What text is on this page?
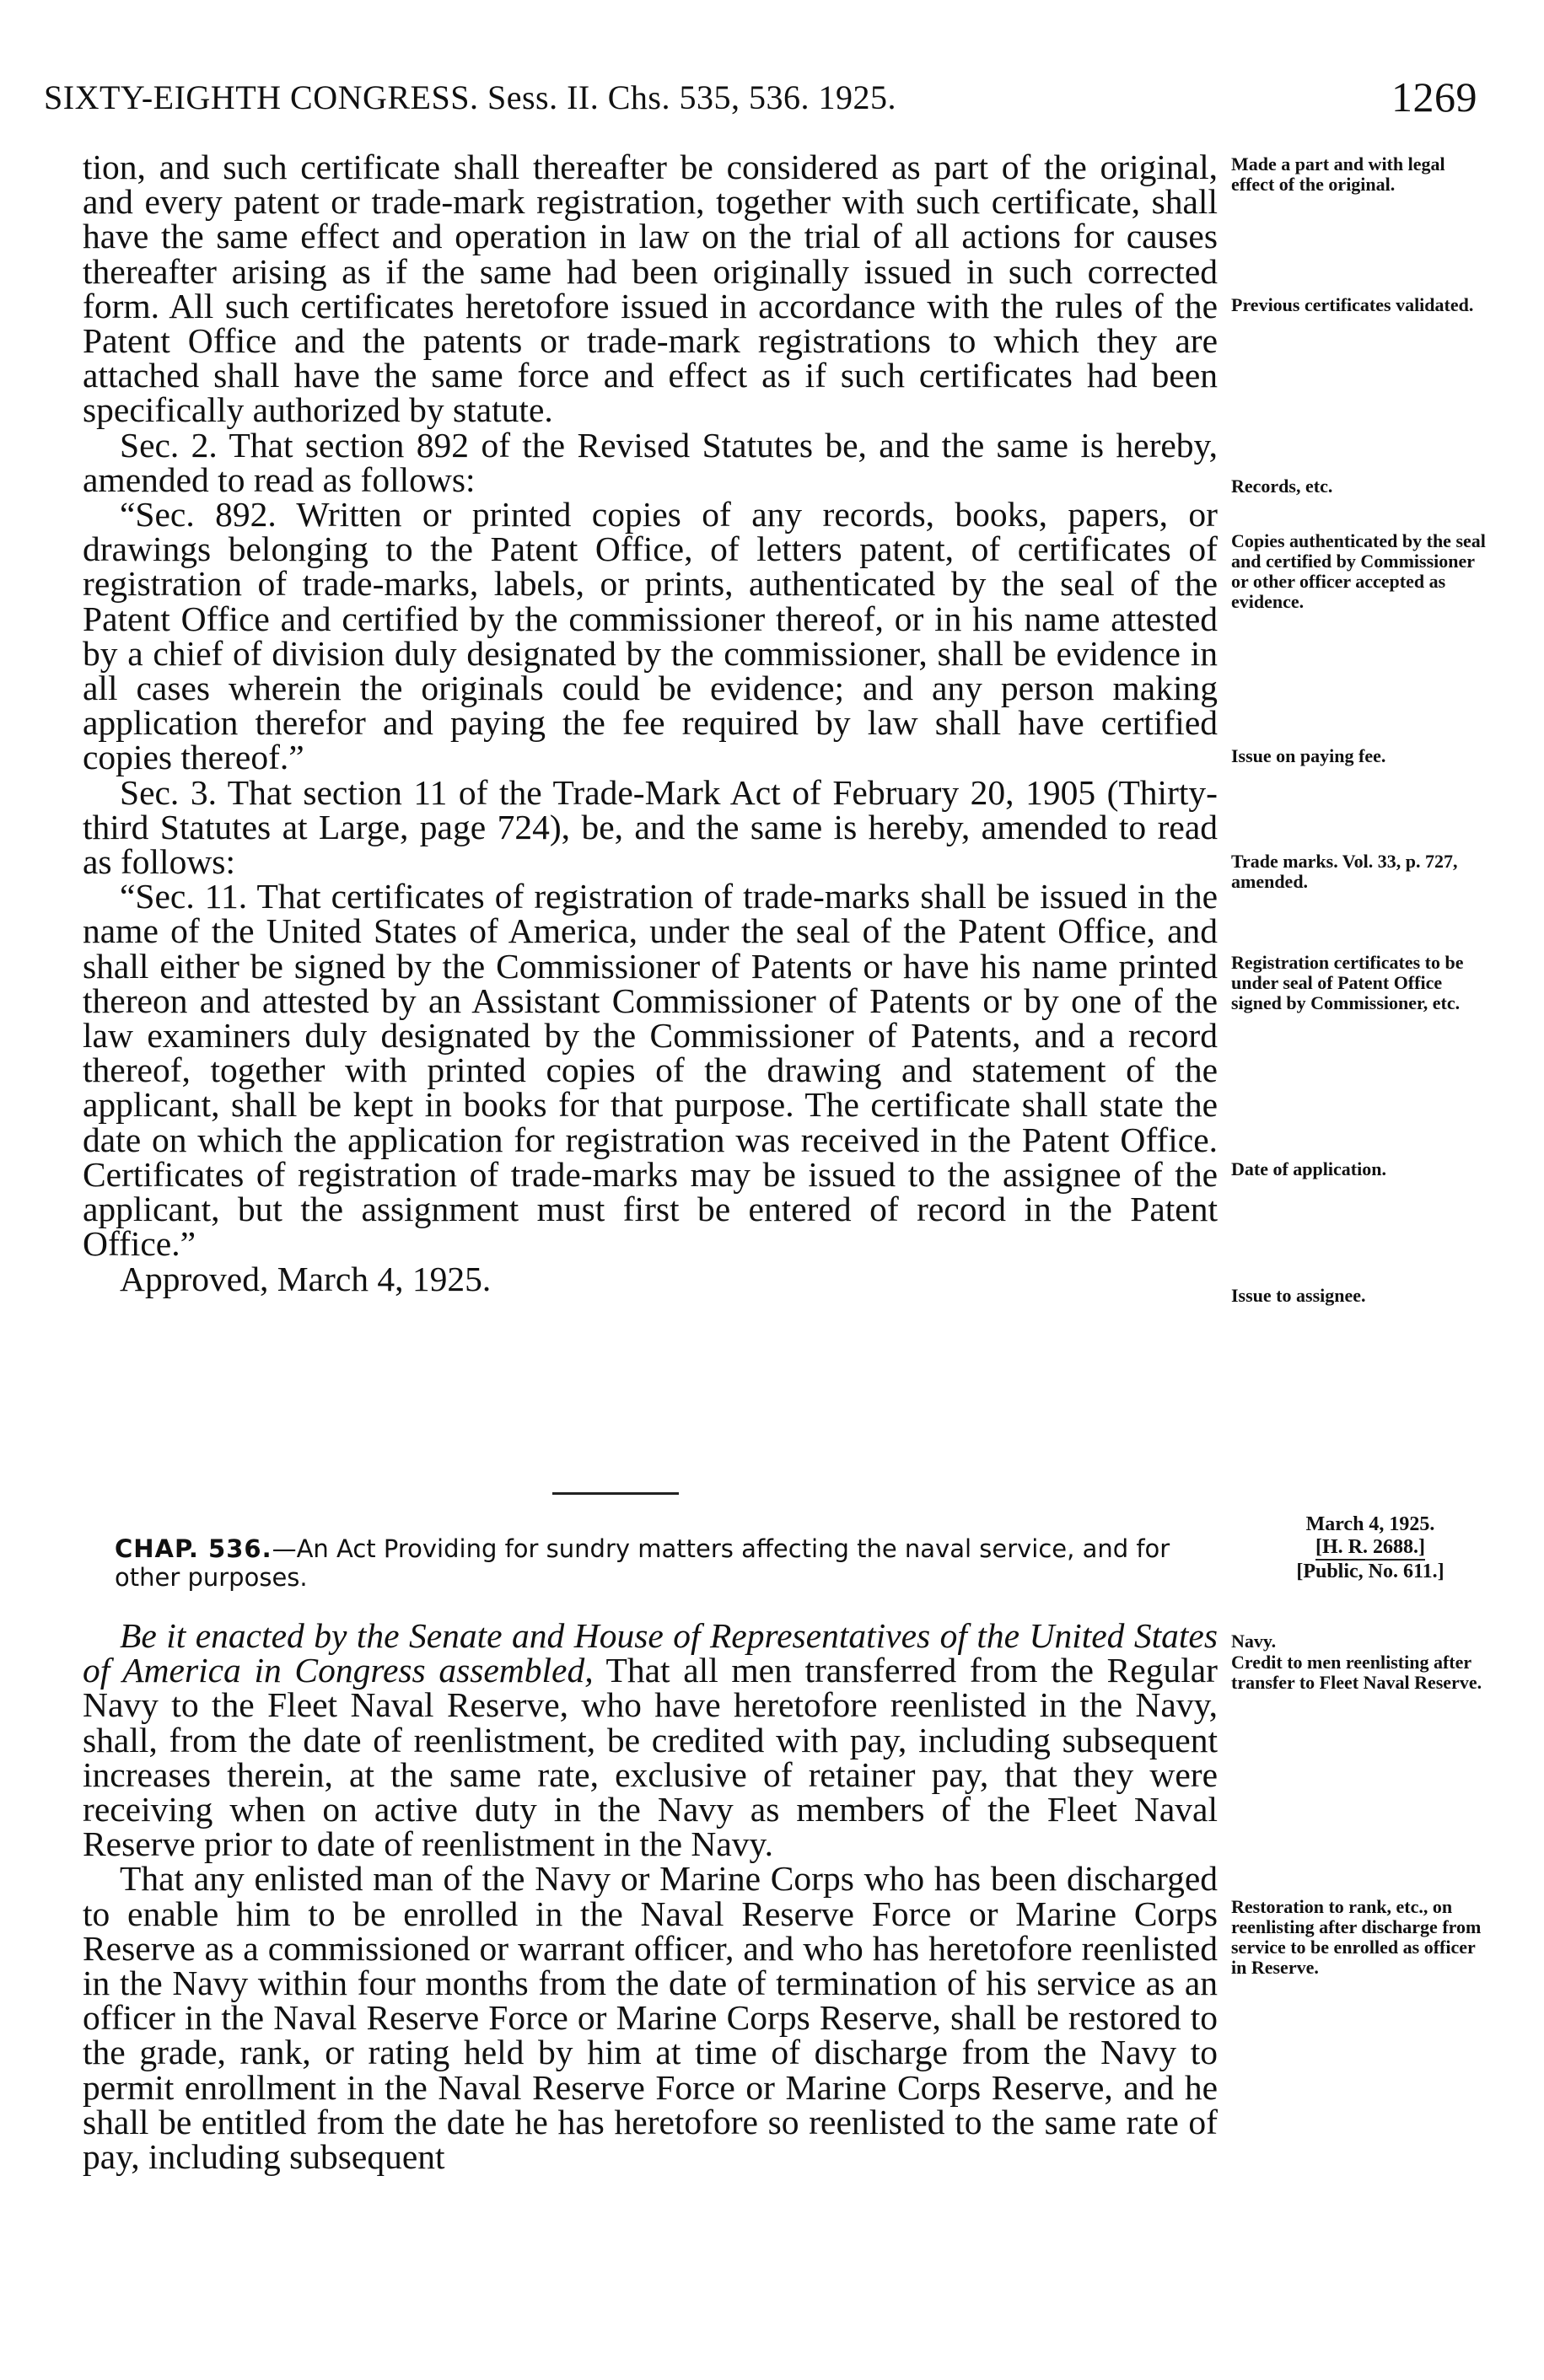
SIXTY-EIGHTH CONGRESS. Sess. II. Chs. 535, 536. 1925.	1269

tion, and such certificate shall thereafter be considered as part of the original, and every patent or trade-mark registration, together with such certificate, shall have the same effect and operation in law on the trial of all actions for causes thereafter arising as if the same had been originally issued in such corrected form. All such certificates heretofore issued in accordance with the rules of the Patent Office and the patents or trade-mark registrations to which they are attached shall have the same force and effect as if such certificates had been specifically authorized by statute.

Sec. 2. That section 892 of the Revised Statutes be, and the same is hereby, amended to read as follows:

“Sec. 892. Written or printed copies of any records, books, papers, or drawings belonging to the Patent Office, of letters patent, of certificates of registration of trade-marks, labels, or prints, authenticated by the seal of the Patent Office and certified by the commissioner thereof, or in his name attested by a chief of division duly designated by the commissioner, shall be evidence in all cases wherein the originals could be evidence; and any person making application therefor and paying the fee required by law shall have certified copies thereof.”

Sec. 3. That section 11 of the Trade-Mark Act of February 20, 1905 (Thirty-third Statutes at Large, page 724), be, and the same is hereby, amended to read as follows:

“Sec. 11. That certificates of registration of trade-marks shall be issued in the name of the United States of America, under the seal of the Patent Office, and shall either be signed by the Commissioner of Patents or have his name printed thereon and attested by an Assistant Commissioner of Patents or by one of the law examiners duly designated by the Commissioner of Patents, and a record thereof, together with printed copies of the drawing and statement of the applicant, shall be kept in books for that purpose. The certificate shall state the date on which the application for registration was received in the Patent Office. Certificates of registration of trade-marks may be issued to the assignee of the applicant, but the assignment must first be entered of record in the Patent Office.”

Approved, March 4, 1925.

Made a part and with legal effect of the original.
Previous certificates validated.
Records, etc.
Copies authenticated by the seal and certified by Commissioner or other officer accepted as evidence.
Issue on paying fee.
Trade marks. Vol. 33, p. 727, amended.
Registration certificates to be under seal of Patent Office signed by Commissioner, etc.
Date of application.
Issue to assignee.
March 4, 1925.
[H. R. 2688.]
[Public, No. 611.]
CHAP. 536.—An Act Providing for sundry matters affecting the naval service, and for other purposes.

Be it enacted by the Senate and House of Representatives of the United States of America in Congress assembled, That all men transferred from the Regular Navy to the Fleet Naval Reserve, who have heretofore reenlisted in the Navy, shall, from the date of reenlistment, be credited with pay, including subsequent increases therein, at the same rate, exclusive of retainer pay, that they were receiving when on active duty in the Navy as members of the Fleet Naval Reserve prior to date of reenlistment in the Navy.

That any enlisted man of the Navy or Marine Corps who has been discharged to enable him to be enrolled in the Naval Reserve Force or Marine Corps Reserve as a commissioned or warrant officer, and who has heretofore reenlisted in the Navy within four months from the date of termination of his service as an officer in the Naval Reserve Force or Marine Corps Reserve, shall be restored to the grade, rank, or rating held by him at time of discharge from the Navy to permit enrollment in the Naval Reserve Force or Marine Corps Reserve, and he shall be entitled from the date he has heretofore so reenlisted to the same rate of pay, including subsequent

Navy.
Credit to men reenlisting after transfer to Fleet Naval Reserve.
Restoration to rank, etc., on reenlisting after discharge from service to be enrolled as officer in Reserve.
